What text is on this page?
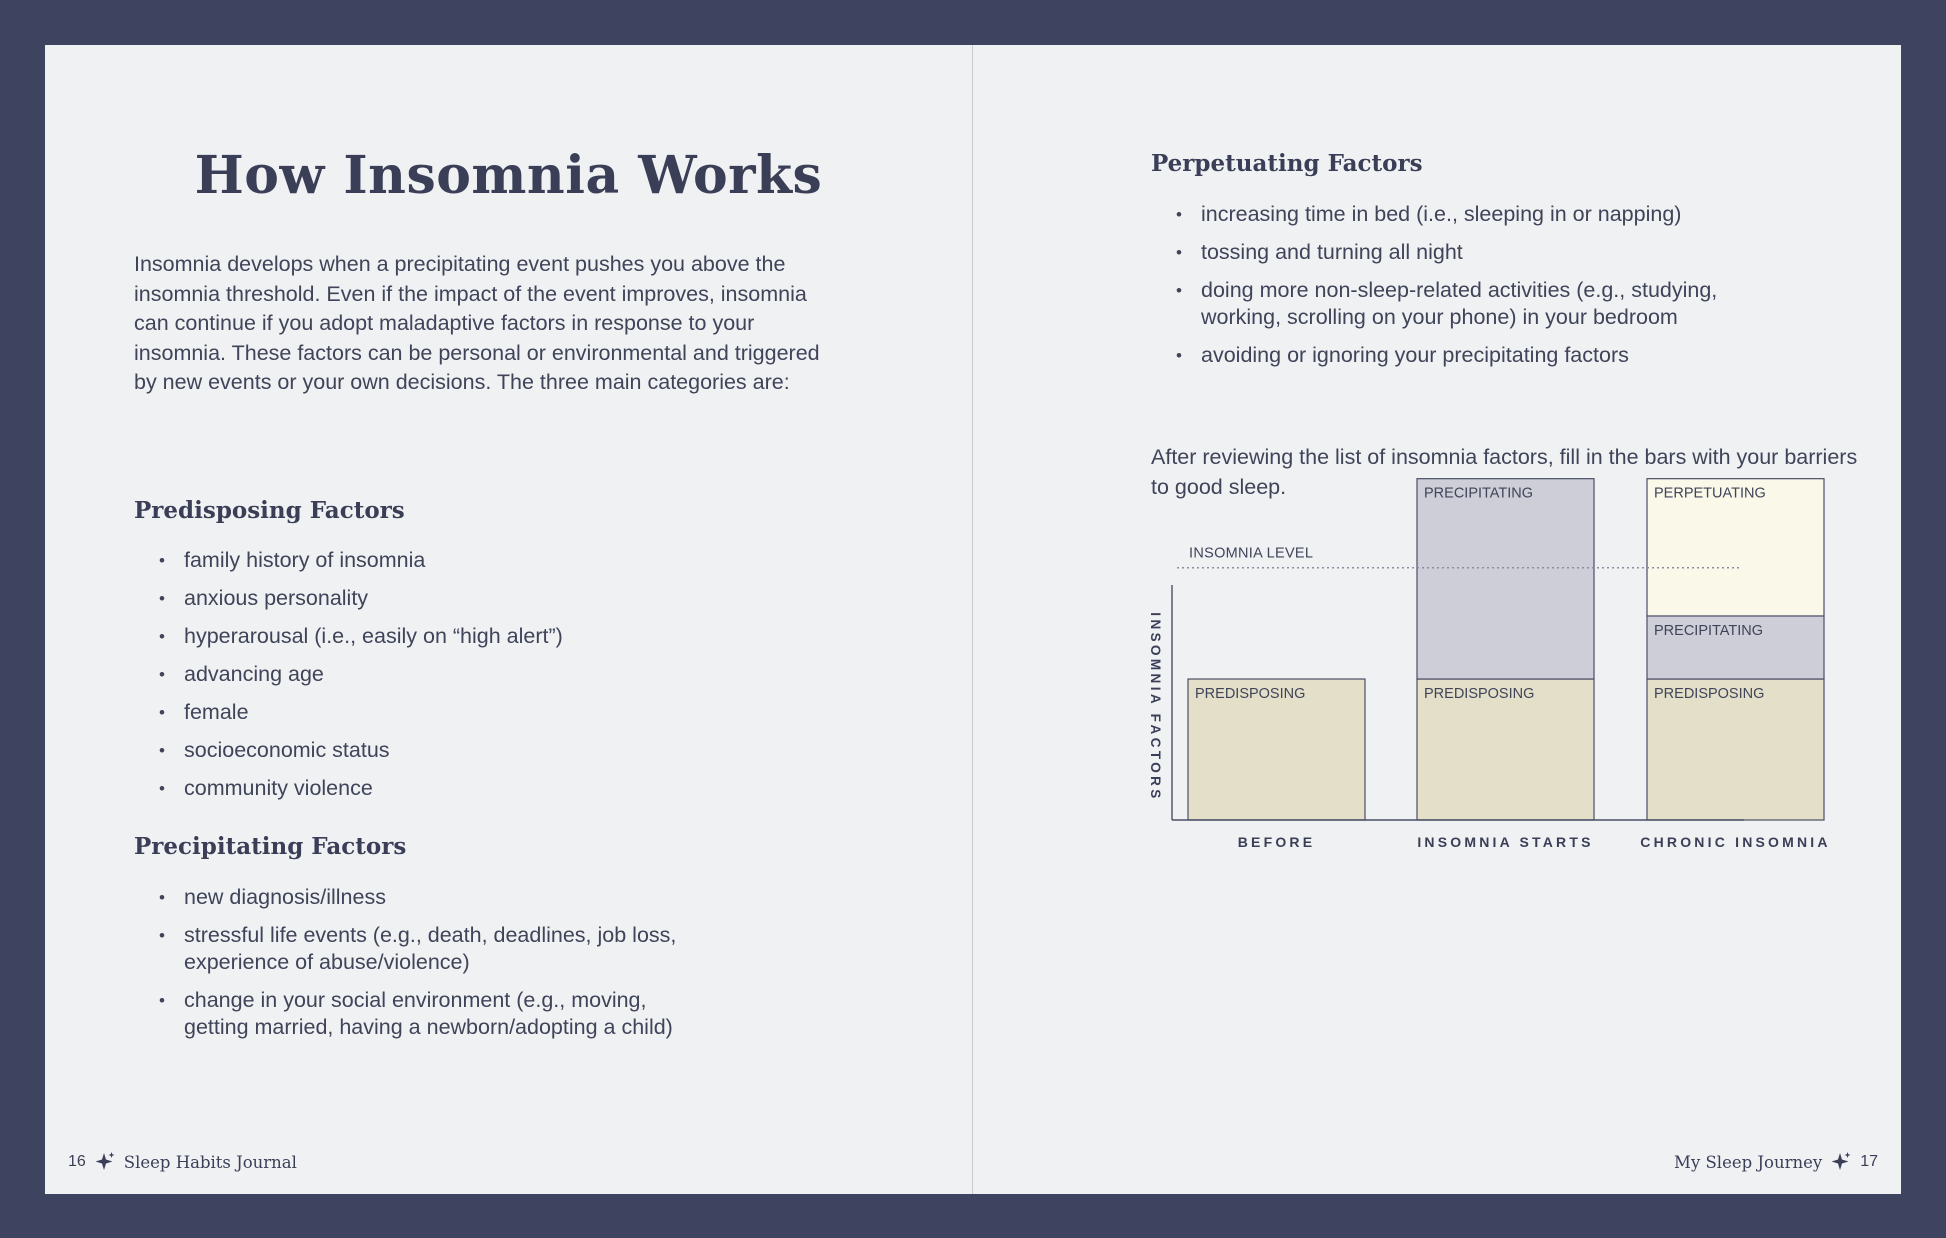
How Insomnia Works

Insomnia develops when a precipitating event pushes you above the insomnia threshold. Even if the impact of the event improves, insomnia can continue if you adopt maladaptive factors in response to your insomnia. These factors can be personal or environmental and triggered by new events or your own decisions. The three main categories are:

Predisposing Factors
• family history of insomnia
• anxious personality
• hyperarousal (i.e., easily on “high alert”)
• advancing age
• female
• socioeconomic status
• community violence
Precipitating Factors
• new diagnosis/illness
• stressful life events (e.g., death, deadlines, job loss, experience of abuse/violence)
• change in your social environment (e.g., moving, getting married, having a newborn/adopting a child)
16 Sleep Habits Journal
Perpetuating Factors
• increasing time in bed (i.e., sleeping in or napping)
• tossing and turning all night
• doing more non-sleep-related activities (e.g., studying, working, scrolling on your phone) in your bedroom
• avoiding or ignoring your precipitating factors

After reviewing the list of insomnia factors, fill in the bars with your barriers to good sleep.

PREDISPOSING
BEFORE
PREDISPOSING
PRECIPITATING
INSOMNIA STARTS
PREDISPOSING
PRECIPITATING
PERPETUATING
CHRONIC INSOMNIA
INSOMNIA LEVEL
INSOMNIA FACTORS
My Sleep Journey 17
